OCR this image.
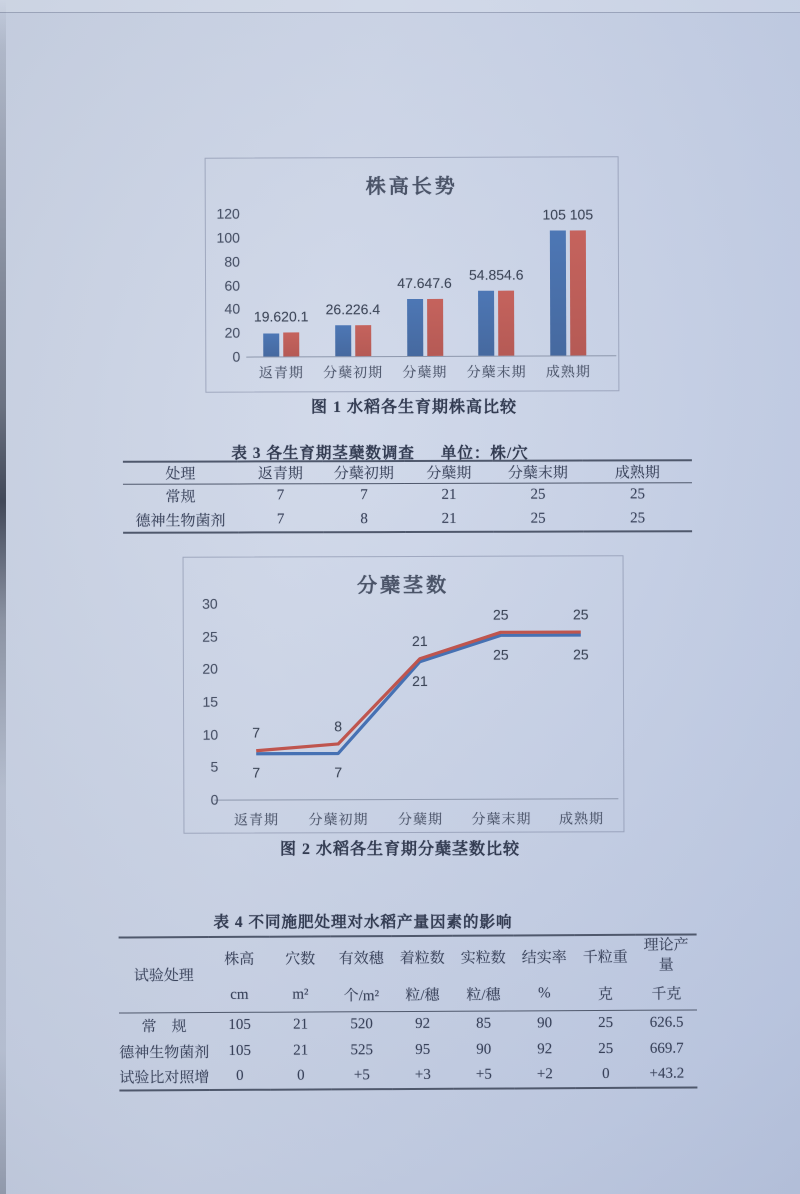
株高长势
19.620.1	26.226.4
47.647.6
54.854.6
105 105
0
20
40
60
80
100
120
返青期	分蘖初期	分蘖期	分蘖末期	成熟期
图 1 水稻各生育期株高比较
表 3 各生育期茎蘖数调查 单位：株/穴
处理	返青期	分蘖初期	分蘖期	分蘖末期	成熟期
常规	7	7	21	25	25
德神生物菌剂	7	8	21	25	25
分蘖茎数
7
7
8
7
21
21
25
25
25
25
0
5
10
15
20
25
30
返青期	分蘖初期	分蘖期	分蘖末期	成熟期
图 2 水稻各生育期分蘖茎数比较
表 4 不同施肥处理对水稻产量因素的影响
试验处理	株高	穴数	有效穗	着粒数	实粒数	结实率	千粒重	理论产量
	cm	m²	个/m²	粒/穗	粒/穗	%	克	千克
常　规	105	21	520	92	85	90	25	626.5
德神生物菌剂	105	21	525	95	90	92	25	669.7
试验比对照增	0	0	+5	+3	+5	+2	0	+43.2
